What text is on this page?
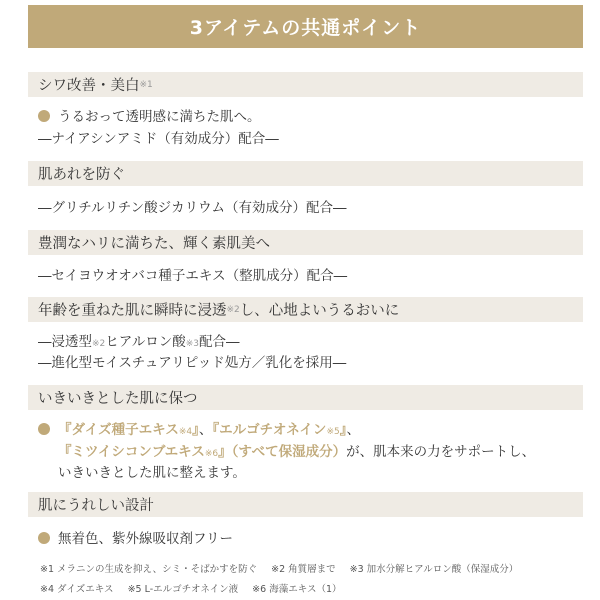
3アイテムの共通ポイント
シワ改善・美白 ※1
うるおって透明感に満ちた肌へ。
―ナイアシンアミド（有効成分）配合―
肌あれを防ぐ
―グリチルリチン酸ジカリウム（有効成分）配合―
豊潤なハリに満ちた、輝く素肌美へ
―セイヨウオオバコ種子エキス（整肌成分）配合―
年齢を重ねた肌に瞬時に浸透 ※2 し、心地よいうるおいに
―浸透型※2ヒアルロン酸※3配合―
―進化型モイスチュアリピッド処方／乳化を採用―
いきいきとした肌に保つ
『ダイズ種子エキス※4』、『エルゴチオネイン※5』、
『ミツイシコンブエキス※6』（すべて保湿成分）が、肌本来の力をサポートし、
いきいきとした肌に整えます。
肌にうれしい設計
無着色、紫外線吸収剤フリー
※1 メラニンの生成を抑え、シミ・そばかすを防ぐ ※2 角質層まで ※3 加水分解ヒアルロン酸（保湿成分）
※4 ダイズエキス ※5 L-エルゴチオネイン液 ※6 海藻エキス（1）
